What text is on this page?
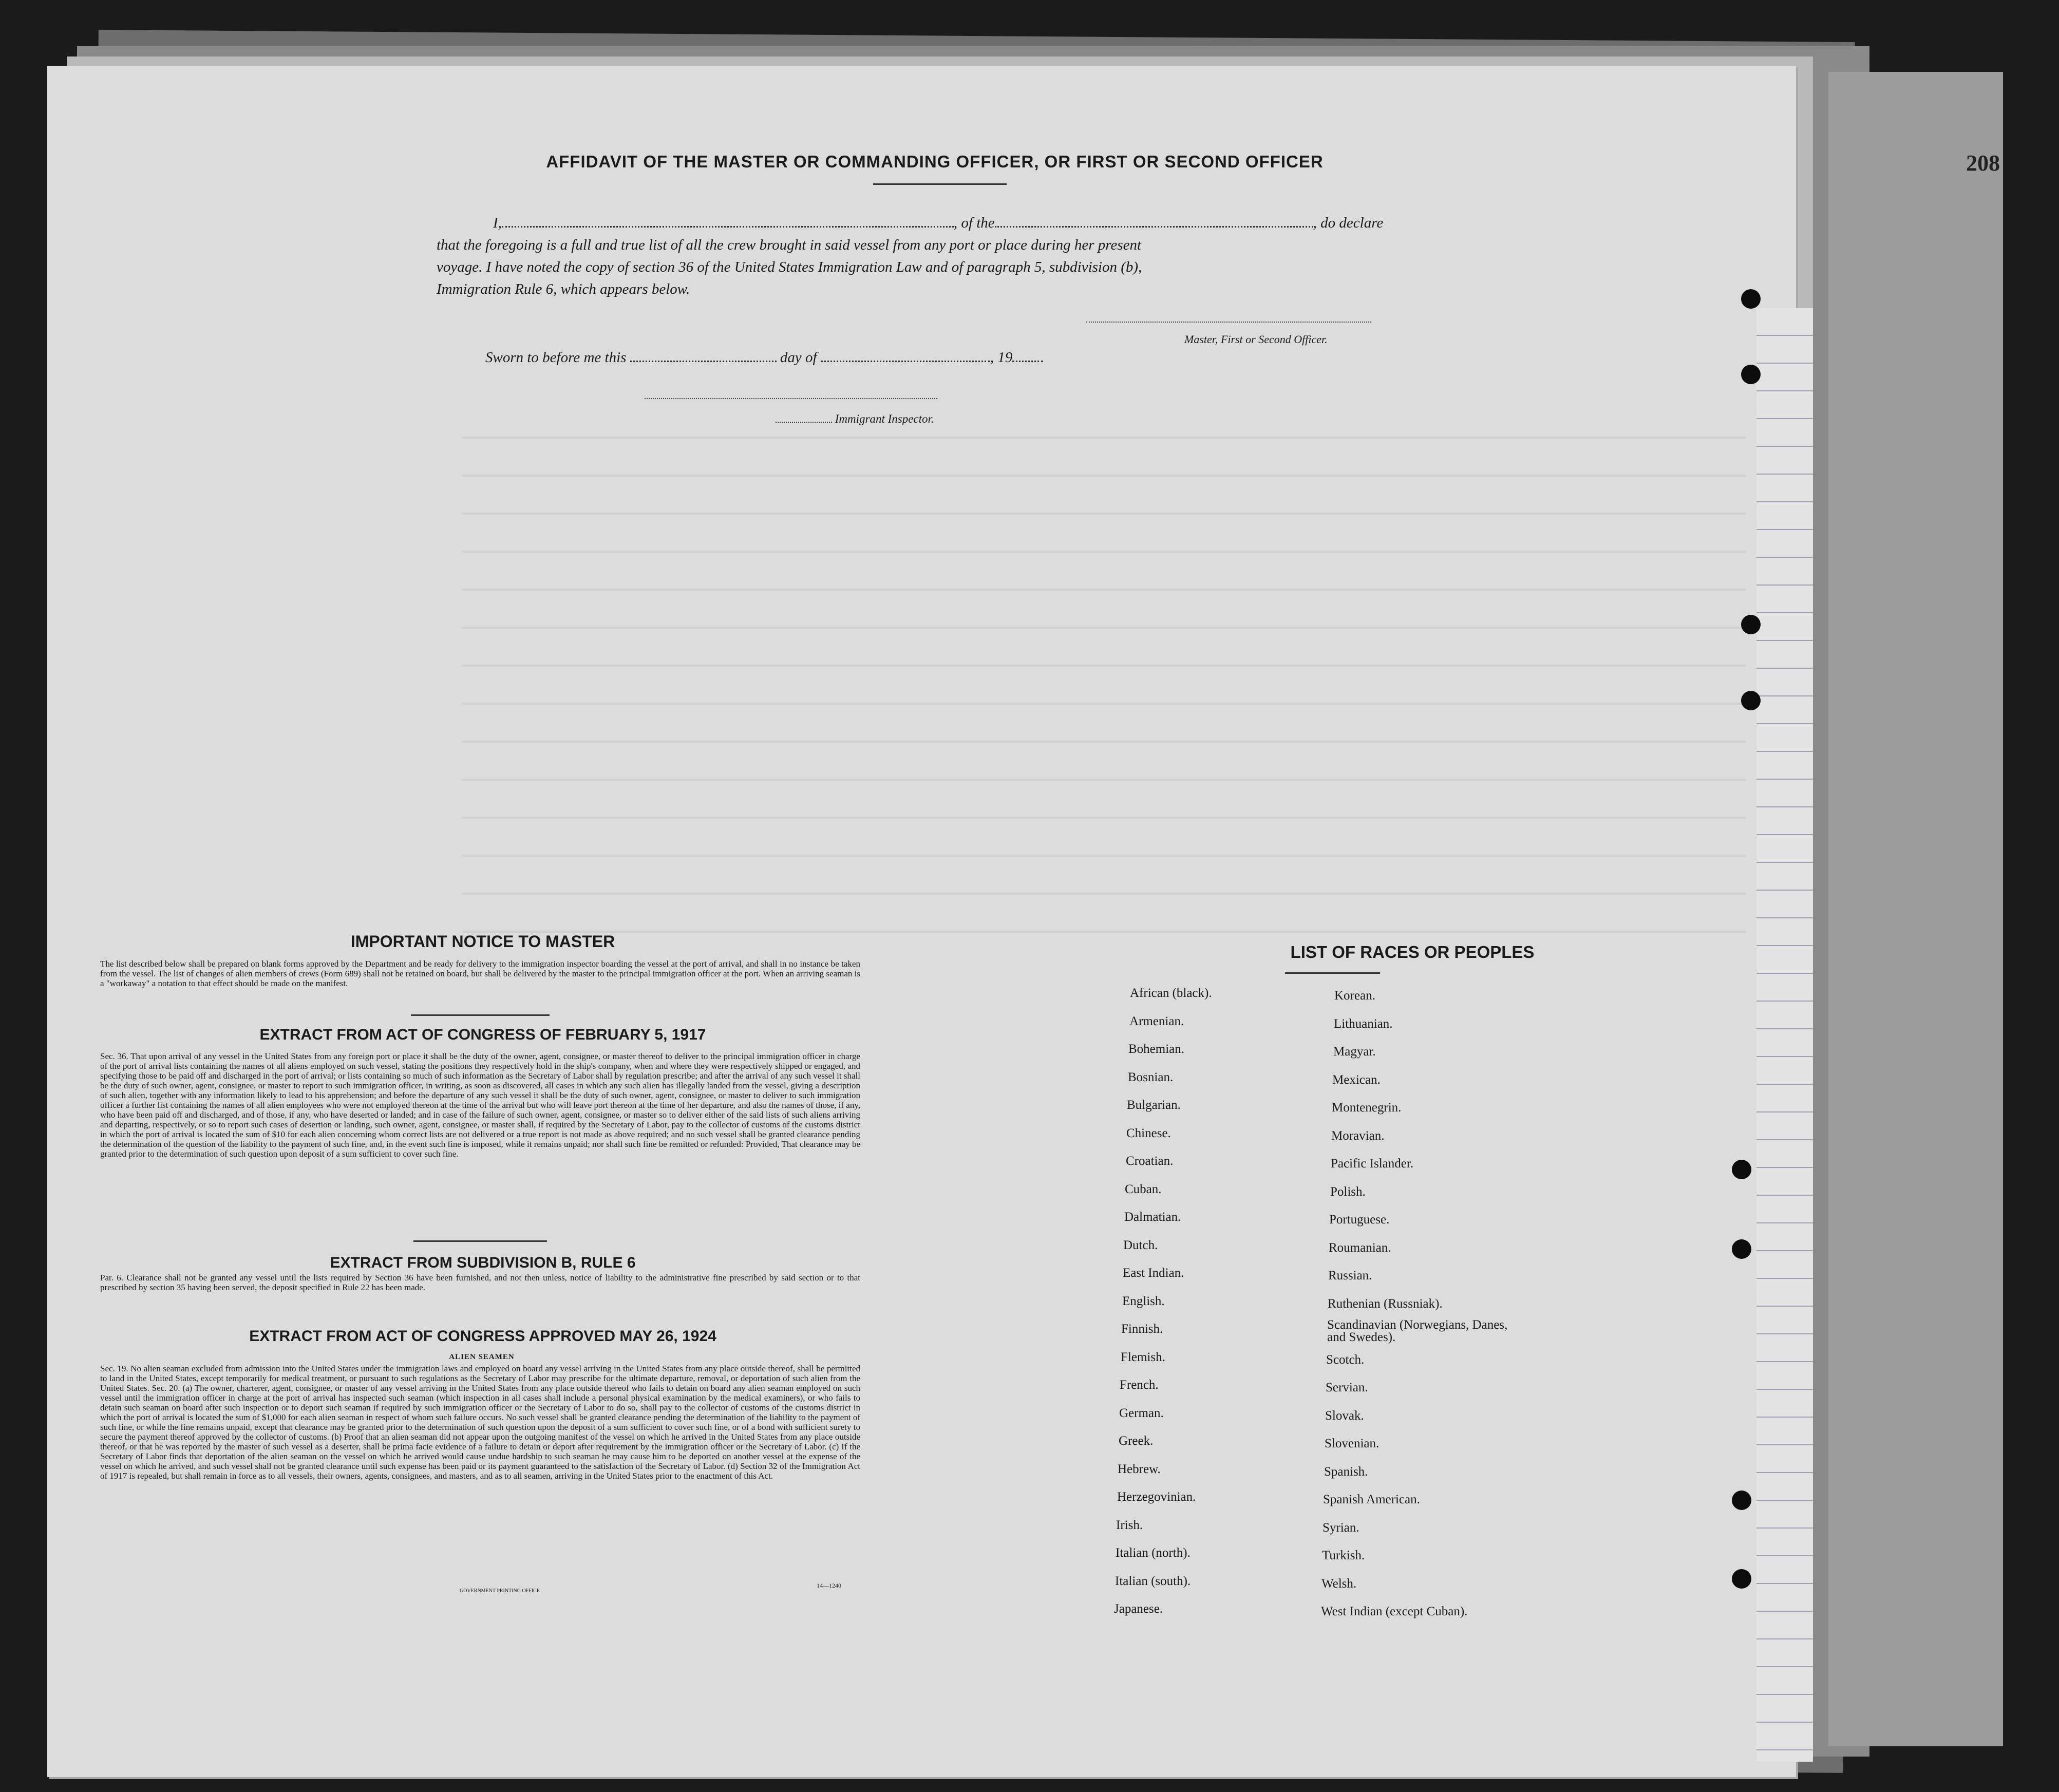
208
AFFIDAVIT OF THE MASTER OR COMMANDING OFFICER, OR FIRST OR SECOND OFFICER
I,	, of the	, do declare
that the foregoing is a full and true list of all the crew brought in said vessel from any port or place during her present
voyage. I have noted the copy of section 36 of the United States Immigration Law and of paragraph 5, subdivision (b),
Immigration Rule 6, which appears below.
Master, First or Second Officer.
Sworn to before me this	day of	, 19
Immigrant Inspector.
IMPORTANT NOTICE TO MASTER
The list described below shall be prepared on blank forms approved by the Department and be ready for delivery to the immigration inspector boarding the vessel at the port of arrival, and shall in no instance be taken from the vessel. The list of changes of alien members of crews (Form 689) shall not be retained on board, but shall be delivered by the master to the principal immigration officer at the port. When an arriving seaman is a "workaway" a notation to that effect should be made on the manifest.
EXTRACT FROM ACT OF CONGRESS OF FEBRUARY 5, 1917
Sec. 36. That upon arrival of any vessel in the United States from any foreign port or place it shall be the duty of the owner, agent, consignee, or master thereof to deliver to the principal immigration officer in charge of the port of arrival lists containing the names of all aliens employed on such vessel, stating the positions they respectively hold in the ship's company, when and where they were respectively shipped or engaged, and specifying those to be paid off and discharged in the port of arrival; or lists containing so much of such information as the Secretary of Labor shall by regulation prescribe; and after the arrival of any such vessel it shall be the duty of such owner, agent, consignee, or master to report to such immigration officer, in writing, as soon as discovered, all cases in which any such alien has illegally landed from the vessel, giving a description of such alien, together with any information likely to lead to his apprehension; and before the departure of any such vessel it shall be the duty of such owner, agent, consignee, or master to deliver to such immigration officer a further list containing the names of all alien employees who were not employed thereon at the time of the arrival but who will leave port thereon at the time of her departure, and also the names of those, if any, who have been paid off and discharged, and of those, if any, who have deserted or landed; and in case of the failure of such owner, agent, consignee, or master so to deliver either of the said lists of such aliens arriving and departing, respectively, or so to report such cases of desertion or landing, such owner, agent, consignee, or master shall, if required by the Secretary of Labor, pay to the collector of customs of the customs district in which the port of arrival is located the sum of $10 for each alien concerning whom correct lists are not delivered or a true report is not made as above required; and no such vessel shall be granted clearance pending the determination of the question of the liability to the payment of such fine, and, in the event such fine is imposed, while it remains unpaid; nor shall such fine be remitted or refunded: Provided, That clearance may be granted prior to the determination of such question upon deposit of a sum sufficient to cover such fine.
EXTRACT FROM SUBDIVISION B, RULE 6
Par. 6. Clearance shall not be granted any vessel until the lists required by Section 36 have been furnished, and not then unless, notice of liability to the administrative fine prescribed by said section or to that prescribed by section 35 having been served, the deposit specified in Rule 22 has been made.
EXTRACT FROM ACT OF CONGRESS APPROVED MAY 26, 1924
ALIEN SEAMEN
Sec. 19. No alien seaman excluded from admission into the United States under the immigration laws and employed on board any vessel arriving in the United States from any place outside thereof, shall be permitted to land in the United States, except temporarily for medical treatment, or pursuant to such regulations as the Secretary of Labor may prescribe for the ultimate departure, removal, or deportation of such alien from the United States. Sec. 20. (a) The owner, charterer, agent, consignee, or master of any vessel arriving in the United States from any place outside thereof who fails to detain on board any alien seaman employed on such vessel until the immigration officer in charge at the port of arrival has inspected such seaman (which inspection in all cases shall include a personal physical examination by the medical examiners), or who fails to detain such seaman on board after such inspection or to deport such seaman if required by such immigration officer or the Secretary of Labor to do so, shall pay to the collector of customs of the customs district in which the port of arrival is located the sum of $1,000 for each alien seaman in respect of whom such failure occurs. No such vessel shall be granted clearance pending the determination of the liability to the payment of such fine, or while the fine remains unpaid, except that clearance may be granted prior to the determination of such question upon the deposit of a sum sufficient to cover such fine, or of a bond with sufficient surety to secure the payment thereof approved by the collector of customs. (b) Proof that an alien seaman did not appear upon the outgoing manifest of the vessel on which he arrived in the United States from any place outside thereof, or that he was reported by the master of such vessel as a deserter, shall be prima facie evidence of a failure to detain or deport after requirement by the immigration officer or the Secretary of Labor. (c) If the Secretary of Labor finds that deportation of the alien seaman on the vessel on which he arrived would cause undue hardship to such seaman he may cause him to be deported on another vessel at the expense of the vessel on which he arrived, and such vessel shall not be granted clearance until such expense has been paid or its payment guaranteed to the satisfaction of the Secretary of Labor. (d) Section 32 of the Immigration Act of 1917 is repealed, but shall remain in force as to all vessels, their owners, agents, consignees, and masters, and as to all seamen, arriving in the United States prior to the enactment of this Act.
GOVERNMENT PRINTING OFFICE
14—1240
LIST OF RACES OR PEOPLES
African (black).
Armenian.
Bohemian.
Bosnian.
Bulgarian.
Chinese.
Croatian.
Cuban.
Dalmatian.
Dutch.
East Indian.
English.
Finnish.
Flemish.
French.
German.
Greek.
Hebrew.
Herzegovinian.
Irish.
Italian (north).
Italian (south).
Japanese.
Korean.
Lithuanian.
Magyar.
Mexican.
Montenegrin.
Moravian.
Pacific Islander.
Polish.
Portuguese.
Roumanian.
Russian.
Ruthenian (Russniak).
Scandinavian (Norwegians, Danes, and Swedes).
Scotch.
Servian.
Slovak.
Slovenian.
Spanish.
Spanish American.
Syrian.
Turkish.
Welsh.
West Indian (except Cuban).
